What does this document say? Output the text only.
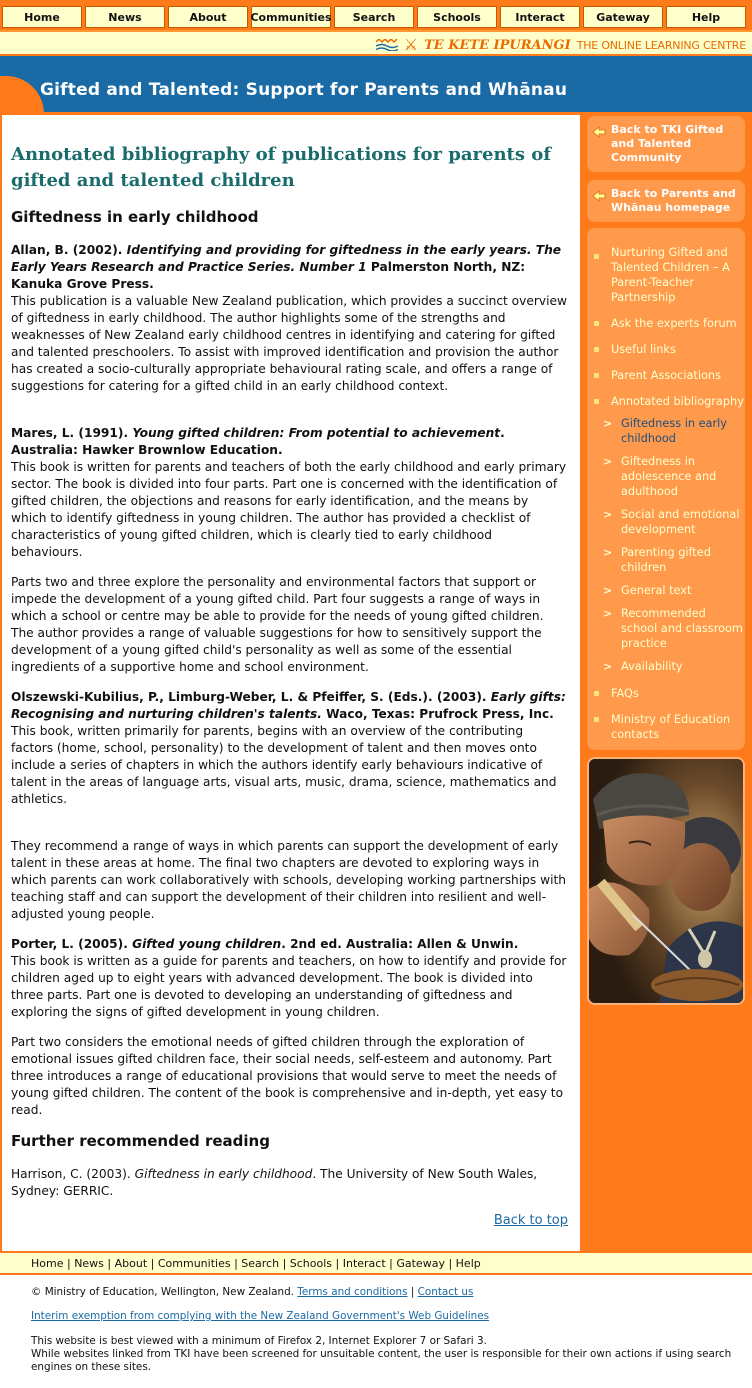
Home	News	About	Communities	Search	Schools	Interact	Gateway	Help
⚔ TE KETE IPURANGI THE ONLINE LEARNING CENTRE
Gifted and Talented: Support for Parents and Whānau
Annotated bibliography of publications for parents of gifted and talented children
Giftedness in early childhood
Allan, B. (2002). Identifying and providing for giftedness in the early years. The Early Years Research and Practice Series. Number 1 Palmerston North, NZ: Kanuka Grove Press.
This publication is a valuable New Zealand publication, which provides a succinct overview of giftedness in early childhood. The author highlights some of the strengths and weaknesses of New Zealand early childhood centres in identifying and catering for gifted and talented preschoolers. To assist with improved identification and provision the author has created a socio-culturally appropriate behavioural rating scale, and offers a range of suggestions for catering for a gifted child in an early childhood context.
Mares, L. (1991). Young gifted children: From potential to achievement. Australia: Hawker Brownlow Education.
This book is written for parents and teachers of both the early childhood and early primary sector. The book is divided into four parts. Part one is concerned with the identification of gifted children, the objections and reasons for early identification, and the means by which to identify giftedness in young children. The author has provided a checklist of characteristics of young gifted children, which is clearly tied to early childhood behaviours.
Parts two and three explore the personality and environmental factors that support or impede the development of a young gifted child. Part four suggests a range of ways in which a school or centre may be able to provide for the needs of young gifted children. The author provides a range of valuable suggestions for how to sensitively support the development of a young gifted child's personality as well as some of the essential ingredients of a supportive home and school environment.
Olszewski-Kubilius, P., Limburg-Weber, L. & Pfeiffer, S. (Eds.). (2003). Early gifts: Recognising and nurturing children's talents. Waco, Texas: Prufrock Press, Inc.
This book, written primarily for parents, begins with an overview of the contributing factors (home, school, personality) to the development of talent and then moves onto include a series of chapters in which the authors identify early behaviours indicative of talent in the areas of language arts, visual arts, music, drama, science, mathematics and athletics.
They recommend a range of ways in which parents can support the development of early talent in these areas at home. The final two chapters are devoted to exploring ways in which parents can work collaboratively with schools, developing working partnerships with teaching staff and can support the development of their children into resilient and well-adjusted young people.
Porter, L. (2005). Gifted young children. 2nd ed. Australia: Allen & Unwin.
This book is written as a guide for parents and teachers, on how to identify and provide for children aged up to eight years with advanced development. The book is divided into three parts. Part one is devoted to developing an understanding of giftedness and exploring the signs of gifted development in young children.
Part two considers the emotional needs of gifted children through the exploration of emotional issues gifted children face, their social needs, self-esteem and autonomy. Part three introduces a range of educational provisions that would serve to meet the needs of young gifted children. The content of the book is comprehensive and in-depth, yet easy to read.
Further recommended reading
Harrison, C. (2003). Giftedness in early childhood. The University of New South Wales, Sydney: GERRIC.
Back to top
Back to TKI Gifted and Talented Community
Back to Parents and Whānau homepage
Nurturing Gifted and Talented Children – A Parent-Teacher Partnership
Ask the experts forum
Useful links
Parent Associations
Annotated bibliography
> Giftedness in early childhood
> Giftedness in adolescence and adulthood
> Social and emotional development
> Parenting gifted children
> General text
> Recommended school and classroom practice
> Availability
FAQs
Ministry of Education contacts
Home | News | About | Communities | Search | Schools | Interact | Gateway | Help
© Ministry of Education, Wellington, New Zealand. Terms and conditions | Contact us
Interim exemption from complying with the New Zealand Government's Web Guidelines
This website is best viewed with a minimum of Firefox 2, Internet Explorer 7 or Safari 3.
While websites linked from TKI have been screened for unsuitable content, the user is responsible for their own actions if using search engines on these sites.
